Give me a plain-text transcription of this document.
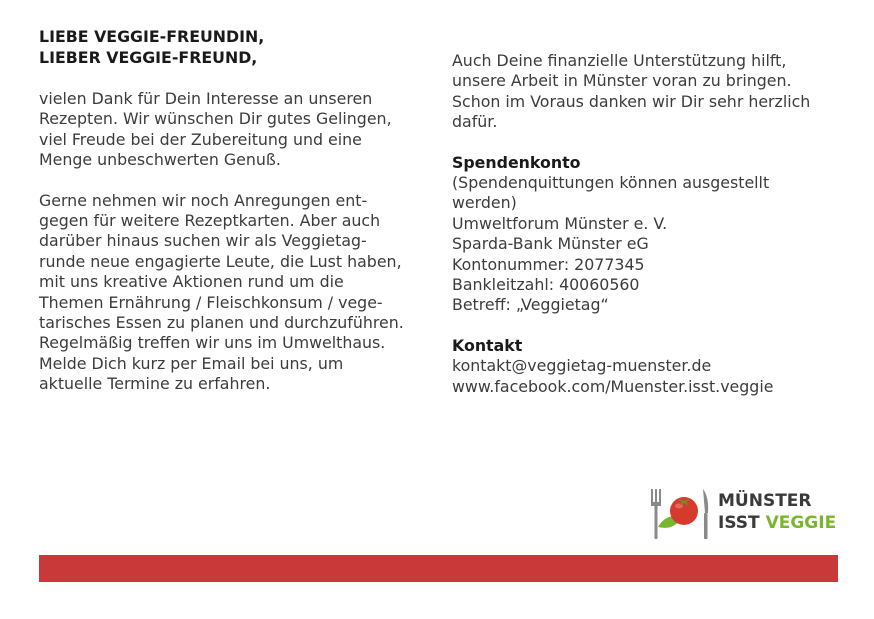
LIEBE VEGGIE-FREUNDIN,

LIEBER VEGGIE-FREUND,

vielen Dank für Dein Interesse an unseren
Rezepten. Wir wünschen Dir gutes Gelingen,
viel Freude bei der Zubereitung und eine
Menge unbeschwerten Genuß.

Gerne nehmen wir noch Anregungen ent-
gegen für weitere Rezeptkarten. Aber auch
darüber hinaus suchen wir als Veggietag-
runde neue engagierte Leute, die Lust haben,
mit uns kreative Aktionen rund um die
Themen Ernährung / Fleischkonsum / vege-
tarisches Essen zu planen und durchzuführen.
Regelmäßig treffen wir uns im Umwelthaus.
Melde Dich kurz per Email bei uns, um
aktuelle Termine zu erfahren.

Auch Deine finanzielle Unterstützung hilft,
unsere Arbeit in Münster voran zu bringen.
Schon im Voraus danken wir Dir sehr herzlich
dafür.

Spendenkonto

(Spendenquittungen können ausgestellt
werden)

Umweltforum Münster e. V.

Sparda-Bank Münster eG

Kontonummer: 2077345

Bankleitzahl: 40060560

Betreff: „Veggietag“

Kontakt

kontakt@veggietag-muenster.de

www.facebook.com/Muenster.isst.veggie

MÜNSTER
ISST VEGGIE
